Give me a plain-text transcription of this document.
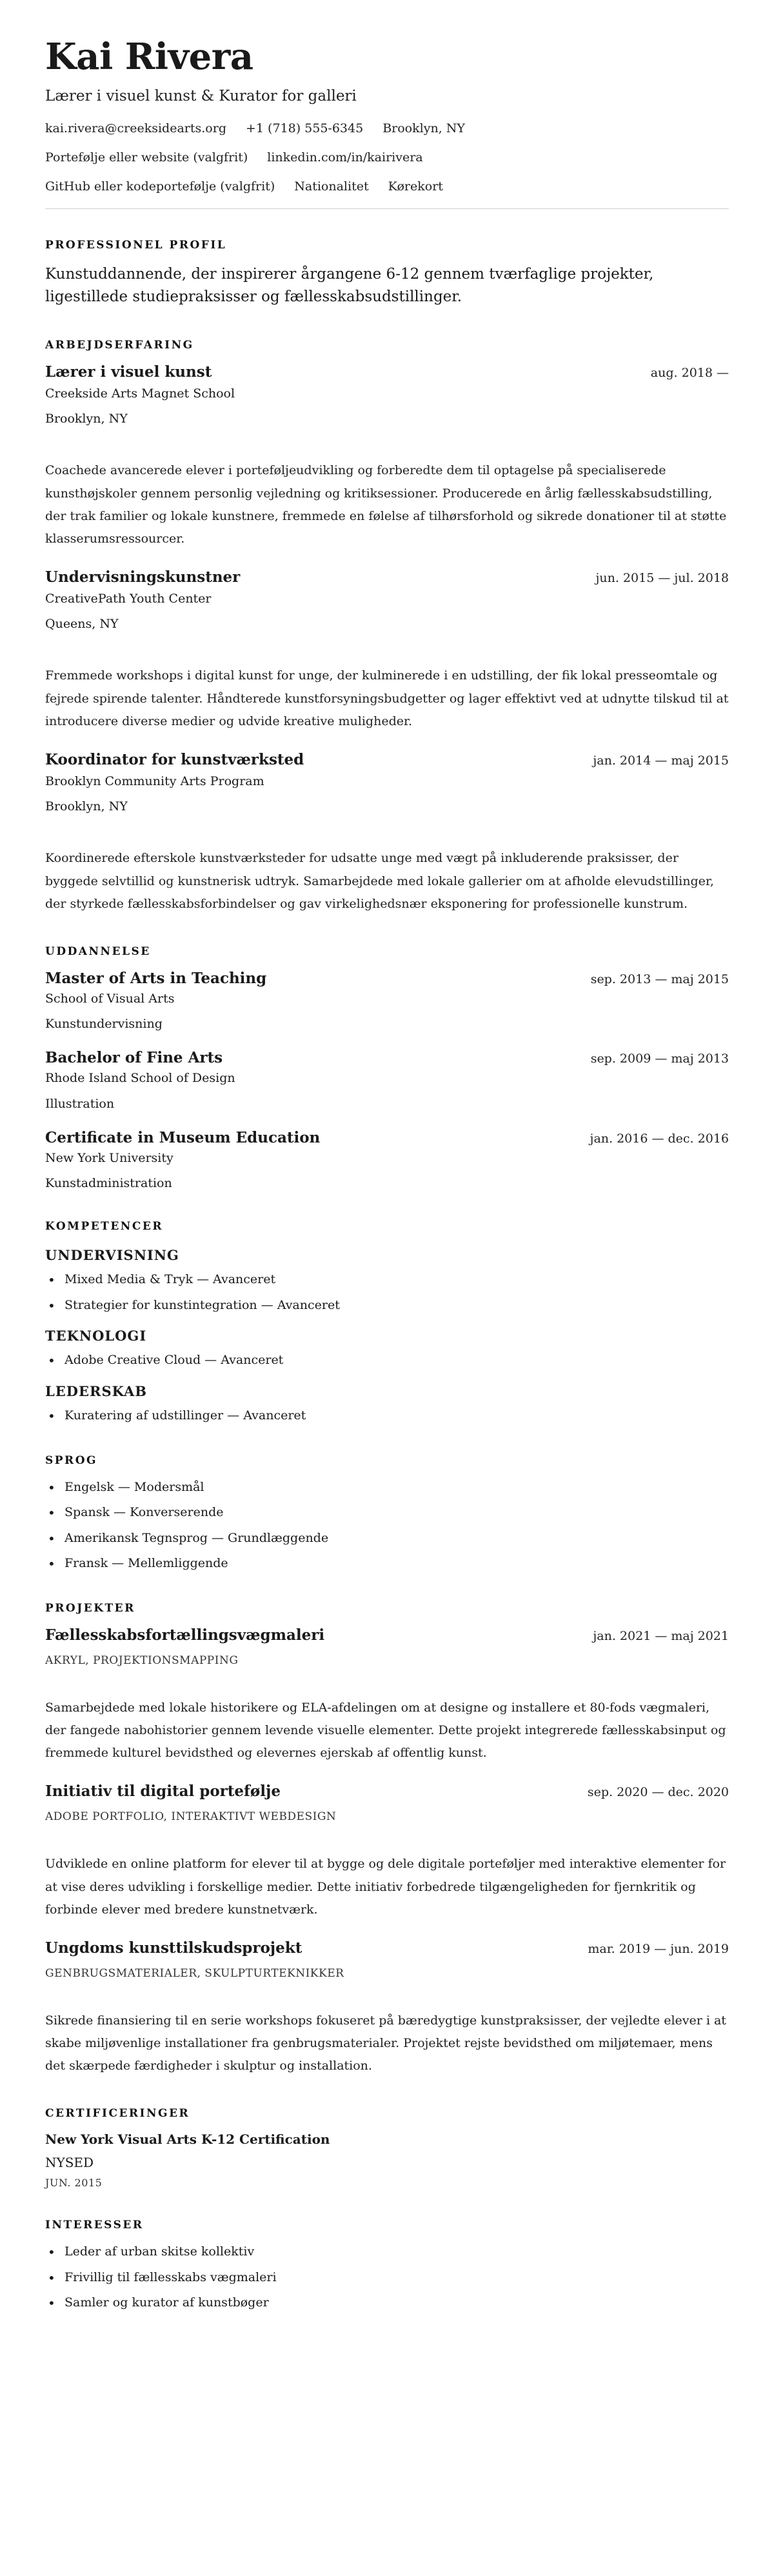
Kai Rivera

Lærer i visuel kunst & Kurator for galleri

kai.rivera@creeksidearts.org +1 (718) 555-6345 Brooklyn, NY
Portefølje eller website (valgfrit) linkedin.com/in/kairivera
GitHub eller kodeportefølje (valgfrit) Nationalitet Kørekort
PROFESSIONEL PROFIL

Kunstuddannende, der inspirerer årgangene 6-12 gennem tværfaglige projekter, ligestillede studiepraksisser og fællesskabsudstillinger.

ARBEJDSERFARING
Lærer i visuel kunst	aug. 2018 —

Creekside Arts Magnet School

Brooklyn, NY

Coachede avancerede elever i porteføljeudvikling og forberedte dem til optagelse på specialiserede kunsthøjskoler gennem personlig vejledning og kritiksessioner. Producerede en årlig fællesskabsudstilling, der trak familier og lokale kunstnere, fremmede en følelse af tilhørsforhold og sikrede donationer til at støtte klasserumsressourcer.

Undervisningskunstner	jun. 2015 — jul. 2018

CreativePath Youth Center

Queens, NY

Fremmede workshops i digital kunst for unge, der kulminerede i en udstilling, der fik lokal presseomtale og fejrede spirende talenter. Håndterede kunstforsyningsbudgetter og lager effektivt ved at udnytte tilskud til at introducere diverse medier og udvide kreative muligheder.

Koordinator for kunstværksted	jan. 2014 — maj 2015

Brooklyn Community Arts Program

Brooklyn, NY

Koordinerede efterskole kunstværksteder for udsatte unge med vægt på inkluderende praksisser, der byggede selvtillid og kunstnerisk udtryk. Samarbejdede med lokale gallerier om at afholde elevudstillinger, der styrkede fællesskabsforbindelser og gav virkelighedsnær eksponering for professionelle kunstrum.

UDDANNELSE
Master of Arts in Teaching	sep. 2013 — maj 2015

School of Visual Arts

Kunstundervisning

Bachelor of Fine Arts	sep. 2009 — maj 2013

Rhode Island School of Design

Illustration

Certificate in Museum Education	jan. 2016 — dec. 2016

New York University

Kunstadministration

KOMPETENCER
UNDERVISNING
• Mixed Media & Tryk — Avanceret
• Strategier for kunstintegration — Avanceret
TEKNOLOGI
• Adobe Creative Cloud — Avanceret
LEDERSKAB
• Kuratering af udstillinger — Avanceret
SPROG
• Engelsk — Modersmål
• Spansk — Konverserende
• Amerikansk Tegnsprog — Grundlæggende
• Fransk — Mellemliggende
PROJEKTER
Fællesskabsfortællingsvægmaleri	jan. 2021 — maj 2021

AKRYL, PROJEKTIONSMAPPING

Samarbejdede med lokale historikere og ELA-afdelingen om at designe og installere et 80-fods vægmaleri, der fangede nabohistorier gennem levende visuelle elementer. Dette projekt integrerede fællesskabsinput og fremmede kulturel bevidsthed og elevernes ejerskab af offentlig kunst.

Initiativ til digital portefølje	sep. 2020 — dec. 2020

ADOBE PORTFOLIO, INTERAKTIVT WEBDESIGN

Udviklede en online platform for elever til at bygge og dele digitale porteføljer med interaktive elementer for at vise deres udvikling i forskellige medier. Dette initiativ forbedrede tilgængeligheden for fjernkritik og forbinde elever med bredere kunstnetværk.

Ungdoms kunsttilskudsprojekt	mar. 2019 — jun. 2019

GENBRUGSMATERIALER, SKULPTURTEKNIKKER

Sikrede finansiering til en serie workshops fokuseret på bæredygtige kunstpraksisser, der vejledte elever i at skabe miljøvenlige installationer fra genbrugsmaterialer. Projektet rejste bevidsthed om miljøtemaer, mens det skærpede færdigheder i skulptur og installation.

CERTIFICERINGER

New York Visual Arts K-12 Certification

NYSED

JUN. 2015

INTERESSER
• Leder af urban skitse kollektiv
• Frivillig til fællesskabs vægmaleri
• Samler og kurator af kunstbøger
